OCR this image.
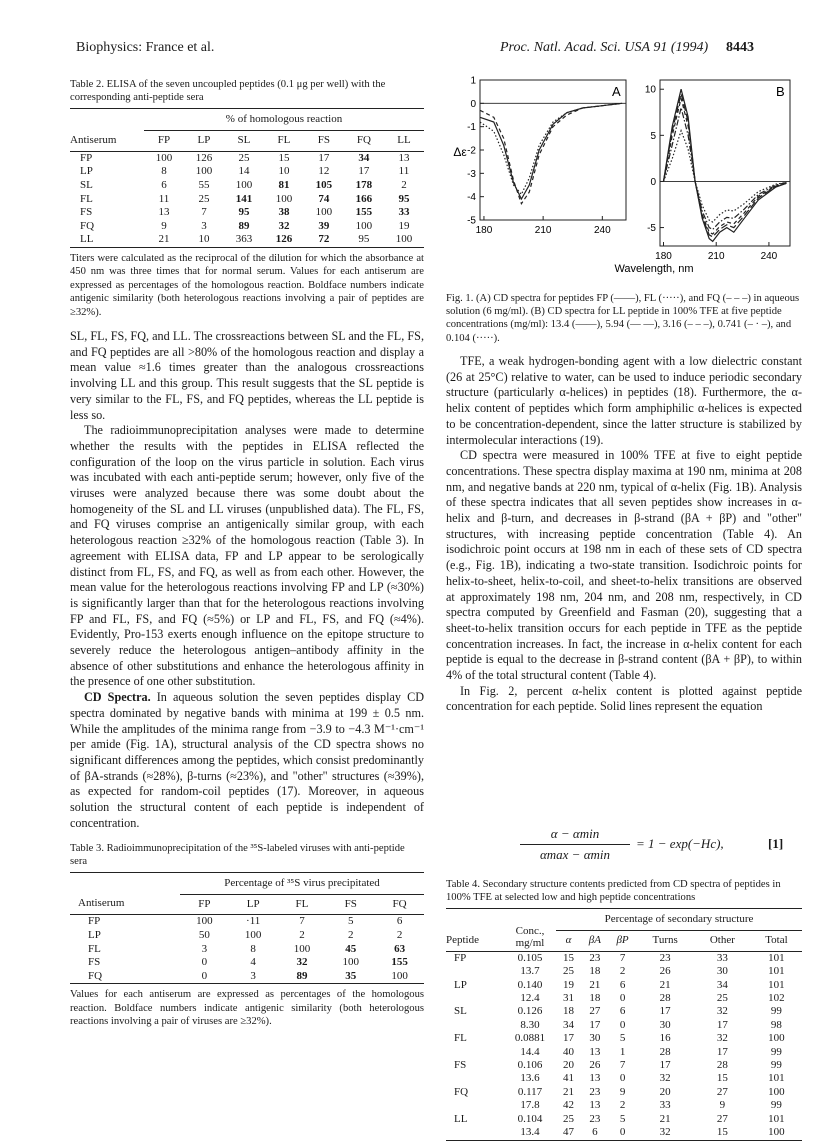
Biophysics: France et al.	Proc. Natl. Acad. Sci. USA 91 (1994) 8443
Table 2. ELISA of the seven uncoupled peptides (0.1 μg per well) with the corresponding anti-peptide sera
	% of homologous reaction						
Antiserum	FP	LP	SL	FL	FS	FQ	LL
FP	100	126	25	15	17	34	13
LP	8	100	14	10	12	17	11
SL	6	55	100	81	105	178	2
FL	11	25	141	100	74	166	95
FS	13	7	95	38	100	155	33
FQ	9	3	89	32	39	100	19
LL	21	10	363	126	72	95	100
Titers were calculated as the reciprocal of the dilution for which the absorbance at 450 nm was three times that for normal serum. Values for each antiserum are expressed as percentages of the homologous reaction. Boldface numbers indicate antigenic similarity (both heterologous reactions involving a pair of peptides are ≥32%).

SL, FL, FS, FQ, and LL. The crossreactions between SL and the FL, FS, and FQ peptides are all >80% of the homologous reaction and display a mean value ≈1.6 times greater than the analogous crossreactions involving LL and this group. This result suggests that the SL peptide is very similar to the FL, FS, and FQ peptides, whereas the LL peptide is less so.

The radioimmunoprecipitation analyses were made to determine whether the results with the peptides in ELISA reflected the configuration of the loop on the virus particle in solution. Each virus was incubated with each anti-peptide serum; however, only five of the viruses were analyzed because there was some doubt about the homogeneity of the SL and LL viruses (unpublished data). The FL, FS, and FQ viruses comprise an antigenically similar group, with each heterologous reaction ≥32% of the homologous reaction (Table 3). In agreement with ELISA data, FP and LP appear to be serologically distinct from FL, FS, and FQ, as well as from each other. However, the mean value for the heterologous reactions involving FP and LP (≈30%) is significantly larger than that for the heterologous reactions involving FP and FL, FS, and FQ (≈5%) or LP and FL, FS, and FQ (≈4%). Evidently, Pro-153 exerts enough influence on the epitope structure to severely reduce the heterologous antigen–antibody affinity in the absence of other substitutions and enhance the heterologous affinity in the presence of one other substitution.

CD Spectra. In aqueous solution the seven peptides display CD spectra dominated by negative bands with minima at 199 ± 0.5 nm. While the amplitudes of the minima range from −3.9 to −4.3 M⁻¹·cm⁻¹ per amide (Fig. 1A), structural analysis of the CD spectra shows no significant differences among the peptides, which consist predominantly of βA-strands (≈28%), β-turns (≈23%), and "other" structures (≈39%), as expected for random-coil peptides (17). Moreover, in aqueous solution the structural content of each peptide is independent of concentration.

Table 3. Radioimmunoprecipitation of the ³⁵S-labeled viruses with anti-peptide sera
	Percentage of ³⁵S virus precipitated				
Antiserum	FP	LP	FL	FS	FQ
FP	100	·11	7	5	6
LP	50	100	2	2	2
FL	3	8	100	45	63
FS	0	4	32	100	155
FQ	0	3	89	35	100
Values for each antiserum are expressed as percentages of the homologous reaction. Boldface numbers indicate antigenic similarity (both heterologous reactions involving a pair of viruses are ≥32%).
1
0
-1
-2
-3
-4
-5
180	210	240
A 10
5
0
-5
180	210	240
B
Δε
Wavelength, nm
Fig. 1. (A) CD spectra for peptides FP (——), FL (·····), and FQ (– – –) in aqueous solution (6 mg/ml). (B) CD spectra for LL peptide in 100% TFE at five peptide concentrations (mg/ml): 13.4 (——), 5.94 (— —), 3.16 (– – –), 0.741 (– · –), and 0.104 (·····).

TFE, a weak hydrogen-bonding agent with a low dielectric constant (26 at 25°C) relative to water, can be used to induce periodic secondary structure (particularly α-helices) in peptides (18). Furthermore, the α-helix content of peptides which form amphiphilic α-helices is expected to be concentration-dependent, since the latter structure is stabilized by intermolecular interactions (19).

CD spectra were measured in 100% TFE at five to eight peptide concentrations. These spectra display maxima at 190 nm, minima at 208 nm, and negative bands at 220 nm, typical of α-helix (Fig. 1B). Analysis of these spectra indicates that all seven peptides show increases in α-helix and β-turn, and decreases in β-strand (βA + βP) and "other" structures, with increasing peptide concentration (Table 4). An isodichroic point occurs at 198 nm in each of these sets of CD spectra (e.g., Fig. 1B), indicating a two-state transition. Isodichroic points for helix-to-sheet, helix-to-coil, and sheet-to-helix transitions are observed at approximately 198 nm, 204 nm, and 208 nm, respectively, in CD spectra computed by Greenfield and Fasman (20), suggesting that a sheet-to-helix transition occurs for each peptide in TFE as the peptide concentration increases. In fact, the increase in α-helix content for each peptide is equal to the decrease in β-strand content (βA + βP), to within 4% of the total structural content (Table 4).

In Fig. 2, percent α-helix content is plotted against peptide concentration for each peptide. Solid lines represent the equation

α − αmin
αmax − αmin
= 1 − exp(−Hc),	[1]
Table 4. Secondary structure contents predicted from CD spectra of peptides in 100% TFE at selected low and high peptide concentrations
Peptide	Conc., mg/ml	Percentage of secondary structure					
		α	βA	βP	Turns	Other	Total
FP	0.105	15	23	7	23	33	101
	13.7	25	18	2	26	30	101
LP	0.140	19	21	6	21	34	101
	12.4	31	18	0	28	25	102
SL	0.126	18	27	6	17	32	99
	8.30	34	17	0	30	17	98
FL	0.0881	17	30	5	16	32	100
	14.4	40	13	1	28	17	99
FS	0.106	20	26	7	17	28	99
	13.6	41	13	0	32	15	101
FQ	0.117	21	23	9	20	27	100
	17.8	42	13	2	33	9	99
LL	0.104	25	23	5	21	27	101
	13.4	47	6	0	32	15	100
